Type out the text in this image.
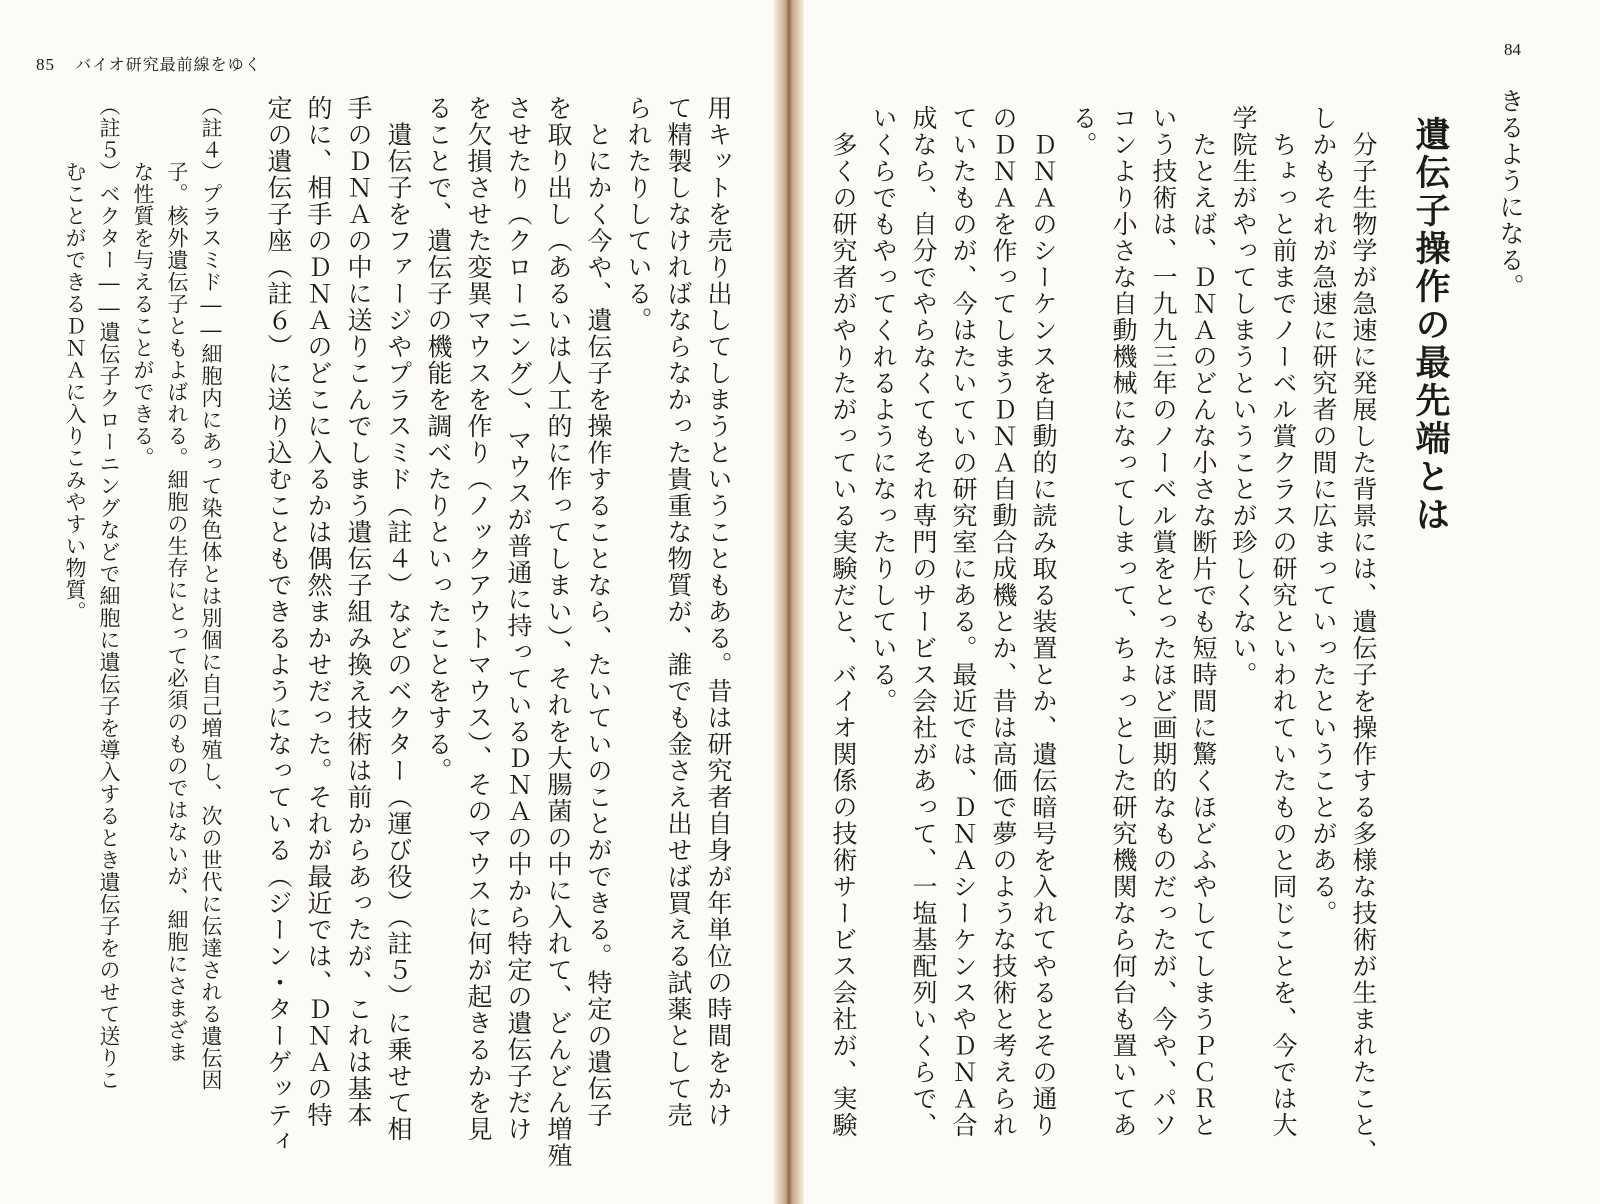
85 バイオ研究最前線をゆく
84
きるようになる。
遺伝子操作の最先端とは
　分子生物学が急速に発展した背景には、遺伝子を操作する多様な技術が生まれたこと、
しかもそれが急速に研究者の間に広まっていったということがある。
　ちょっと前までノーベル賞クラスの研究といわれていたものと同じことを、今では大
学院生がやってしまうということが珍しくない。
　たとえば、ＤＮＡのどんな小さな断片でも短時間に驚くほどふやしてしまうＰＣＲと
いう技術は、一九九三年のノーベル賞をとったほど画期的なものだったが、今や、パソ
コンより小さな自動機械になってしまって、ちょっとした研究機関なら何台も置いてあ
る。
　ＤＮＡのシーケンスを自動的に読み取る装置とか、遺伝暗号を入れてやるとその通り
のＤＮＡを作ってしまうＤＮＡ自動合成機とか、昔は高価で夢のような技術と考えられ
ていたものが、今はたいていの研究室にある。最近では、ＤＮＡシーケンスやＤＮＡ合
成なら、自分でやらなくてもそれ専門のサービス会社があって、一塩基配列いくらで、
いくらでもやってくれるようになったりしている。
　多くの研究者がやりたがっている実験だと、バイオ関係の技術サービス会社が、実験
用キットを売り出してしまうということもある。昔は研究者自身が年単位の時間をかけ
て精製しなければならなかった貴重な物質が、誰でも金さえ出せば買える試薬として売
られたりしている。
　とにかく今や、遺伝子を操作することなら、たいていのことができる。特定の遺伝子
を取り出し（あるいは人工的に作ってしまい）、それを大腸菌の中に入れて、どんどん増殖
させたり（クローニング）、マウスが普通に持っているＤＮＡの中から特定の遺伝子だけ
を欠損させた変異マウスを作り（ノックアウトマウス）、そのマウスに何が起きるかを見
ることで、遺伝子の機能を調べたりといったことをする。
　遺伝子をファージやプラスミド（註４）などのベクター（運び役）（註５）に乗せて相
手のＤＮＡの中に送りこんでしまう遺伝子組み換え技術は前からあったが、これは基本
的に、相手のＤＮＡのどこに入るかは偶然まかせだった。それが最近では、ＤＮＡの特
定の遺伝子座（註６）に送り込むこともできるようになっている（ジーン・ターゲッティ
（註４）プラスミド――細胞内にあって染色体とは別個に自己増殖し、次の世代に伝達される遺伝因
　　　子。核外遺伝子ともよばれる。細胞の生存にとって必須のものではないが、細胞にさまざま
　　　な性質を与えることができる。
（註５）ベクター――遺伝子クローニングなどで細胞に遺伝子を導入するとき遺伝子をのせて送りこ
　　　むことができるＤＮＡに入りこみやすい物質。
